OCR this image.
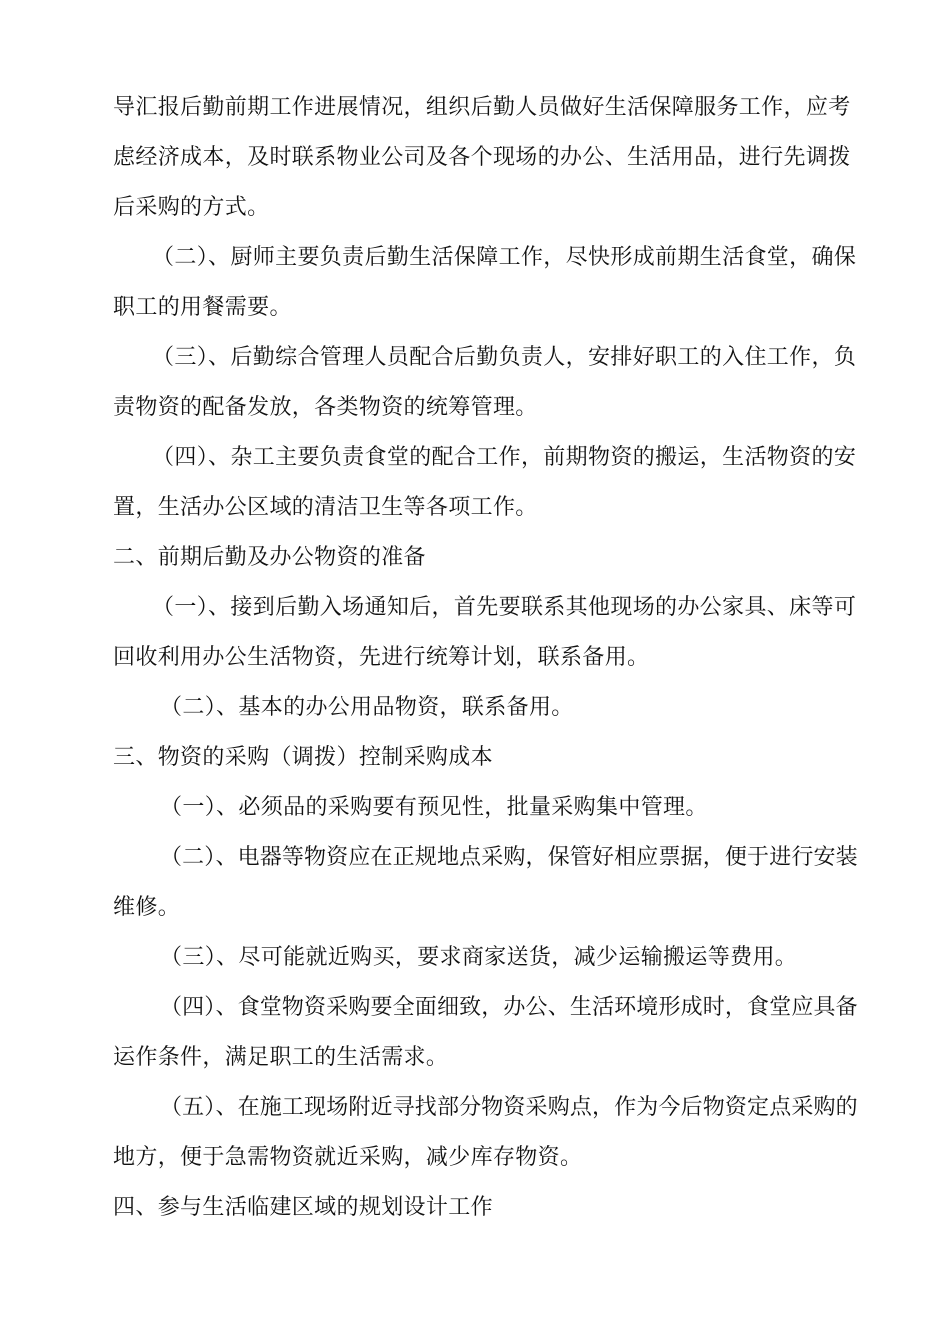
导汇报后勤前期工作进展情况，组织后勤人员做好生活保障服务工作，应考
虑经济成本，及时联系物业公司及各个现场的办公、生活用品，进行先调拨
后采购的方式。
（二）、厨师主要负责后勤生活保障工作，尽快形成前期生活食堂，确保
职工的用餐需要。
（三）、后勤综合管理人员配合后勤负责人，安排好职工的入住工作，负
责物资的配备发放，各类物资的统筹管理。
（四）、杂工主要负责食堂的配合工作，前期物资的搬运，生活物资的安
置，生活办公区域的清洁卫生等各项工作。
二、前期后勤及办公物资的准备
（一）、接到后勤入场通知后，首先要联系其他现场的办公家具、床等可
回收利用办公生活物资，先进行统筹计划，联系备用。
（二）、基本的办公用品物资，联系备用。
三、物资的采购（调拨）控制采购成本
（一）、必须品的采购要有预见性，批量采购集中管理。
（二）、电器等物资应在正规地点采购，保管好相应票据，便于进行安装
维修。
（三）、尽可能就近购买，要求商家送货，减少运输搬运等费用。
（四）、食堂物资采购要全面细致，办公、生活环境形成时，食堂应具备
运作条件，满足职工的生活需求。
（五）、在施工现场附近寻找部分物资采购点，作为今后物资定点采购的
地方，便于急需物资就近采购，减少库存物资。
四、参与生活临建区域的规划设计工作
